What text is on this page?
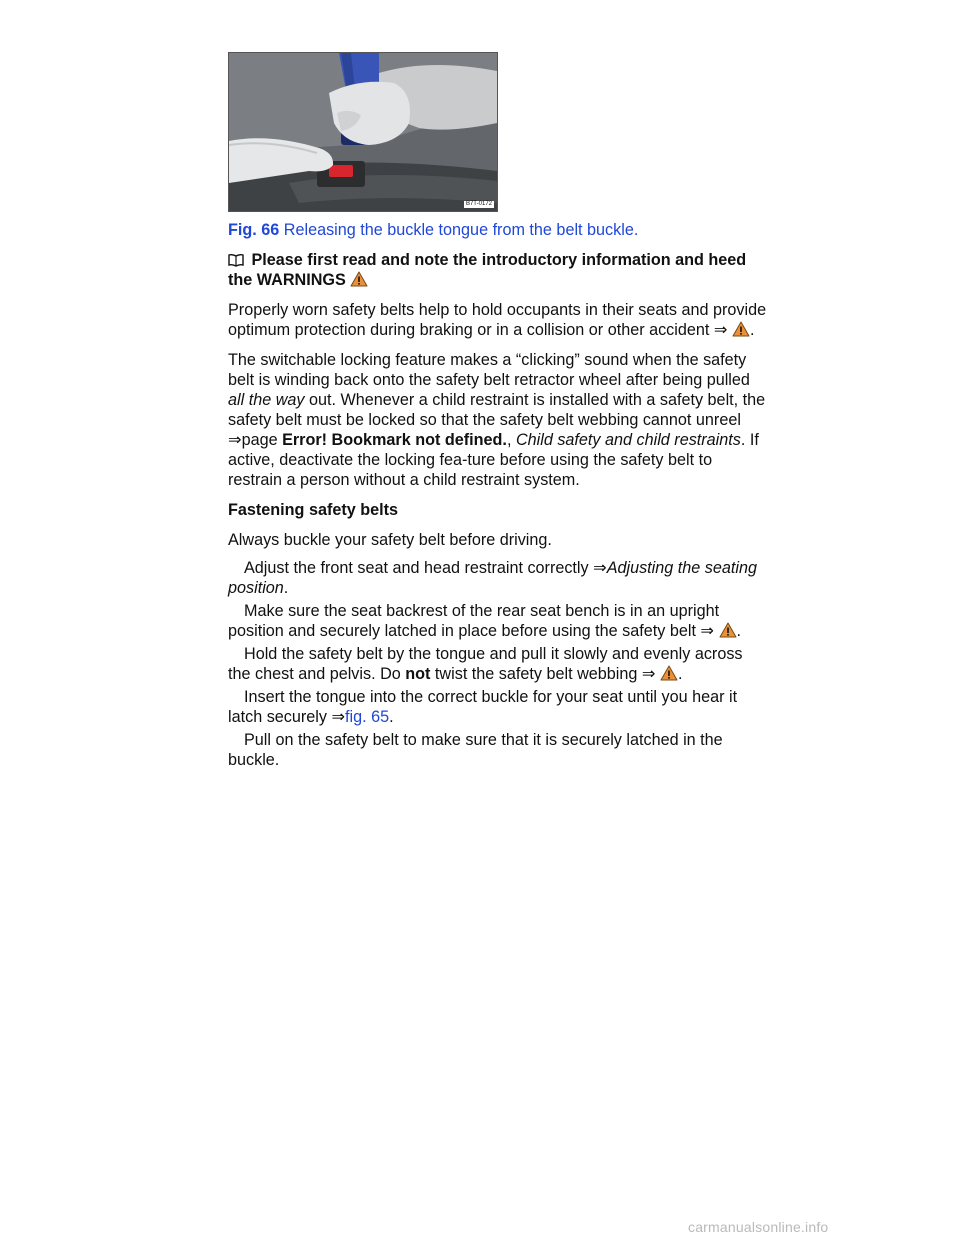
B7T-0172
Fig. 66 Releasing the buckle tongue from the belt buckle.

Please first read and note the introductory information and heed the WARNINGS

Properly worn safety belts help to hold occupants in their seats and provide optimum protection during braking or in a collision or other accident ⇒ .

The switchable locking feature makes a “clicking” sound when the safety belt is winding back onto the safety belt retractor wheel after being pulled all the way out. Whenever a child restraint is installed with a safety belt, the safety belt must be locked so that the safety belt webbing cannot unreel ⇒page Error! Bookmark not defined., Child safety and child restraints. If active, deactivate the locking fea-ture before using the safety belt to restrain a person without a child restraint system.

Fastening safety belts

Always buckle your safety belt before driving.

Adjust the front seat and head restraint correctly ⇒Adjusting the seating position.

Make sure the seat backrest of the rear seat bench is in an upright position and securely latched in place before using the safety belt ⇒ .

Hold the safety belt by the tongue and pull it slowly and evenly across the chest and pelvis. Do not twist the safety belt webbing ⇒ .

Insert the tongue into the correct buckle for your seat until you hear it latch securely ⇒fig. 65.

Pull on the safety belt to make sure that it is securely latched in the buckle.

carmanualsonline.info
